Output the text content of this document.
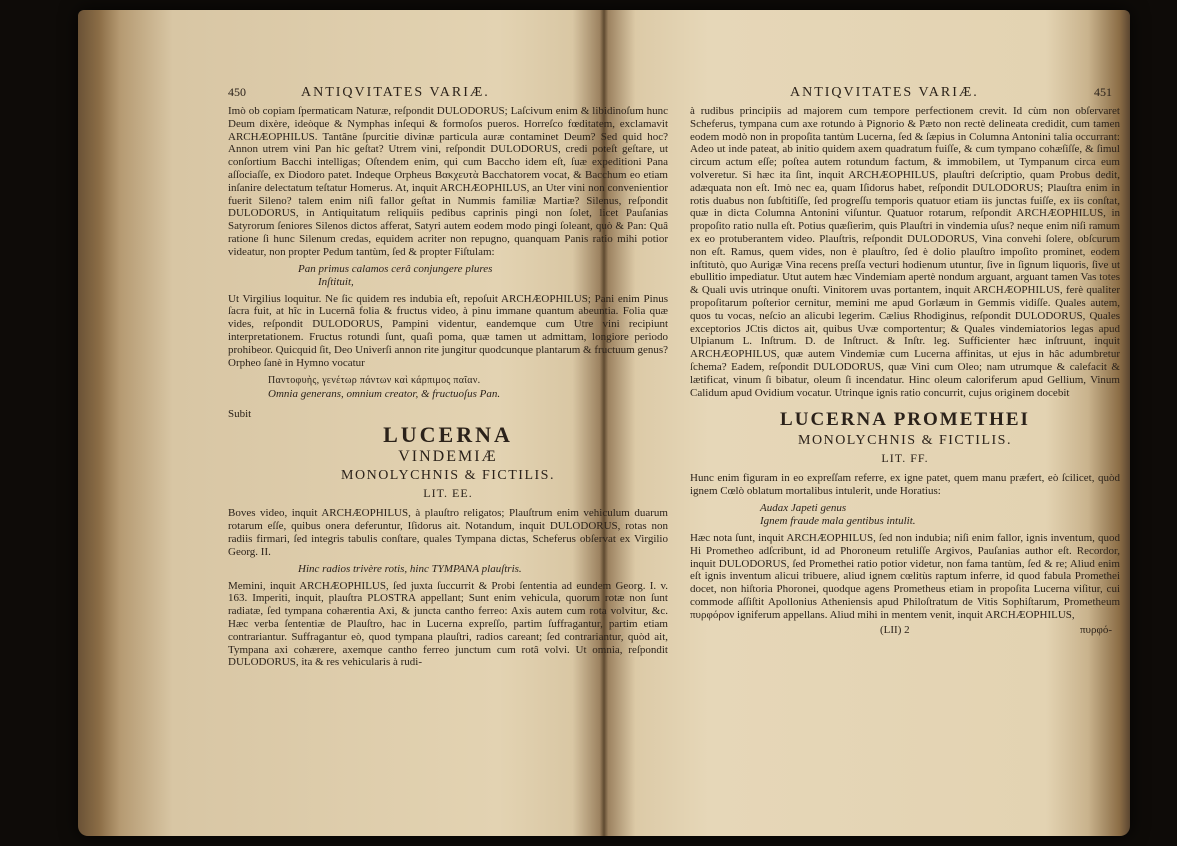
450	ANTIQVITATES VARIÆ.

Imò ob copiam ſpermaticam Naturæ, reſpondit DULODORUS; Laſcivum enim & libidinoſum hunc Deum dixère, ideòque & Nymphas inſequi & formoſos pueros. Horreſco fœditatem, exclamavit ARCHÆOPHILUS. Tantâne ſpurcitie divinæ particula auræ contaminet Deum? Sed quid hoc? Annon utrem vini Pan hic geſtat? Utrem vini, reſpondit DULODORUS, credi poteſt geſtare, ut conſortium Bacchi intelligas; Oſtendem enim, qui cum Baccho idem eſt, ſuæ expeditioni Pana aſſociaſſe, ex Diodoro patet. Indeque Orpheus Βακχευτὰ Bacchatorem vocat, & Bacchum eo etiam inſanire delectatum teſtatur Homerus. At, inquit ARCHÆOPHILUS, an Uter vini non convenientior fuerit Sileno? talem enim niſi fallor geſtat in Nummis familiæ Martiæ? Silenus, reſpondit DULODORUS, in Antiquitatum reliquiis pedibus caprinis pingi non ſolet, licet Pauſanias Satyrorum ſeniores Silenos dictos afferat, Satyri autem eodem modo pingi ſoleant, quò & Pan: Quâ ratione ſi hunc Silenum credas, equidem acriter non repugno, quanquam Panis ratio mihi potior videatur, non propter Pedum tantùm, ſed & propter Fiſtulam:

Pan primus calamos cerâ conjungere plures
Inſtituit,

Ut Virgilius loquitur. Ne ſic quidem res indubia eſt, repoſuit ARCHÆOPHILUS; Pani enim Pinus ſacra fuit, at hîc in Lucernâ folia & fructus video, à pinu immane quantum abeuntia. Folia quæ vides, reſpondit DULODORUS, Pampini videntur, eandemque cum Utre vini recipiunt interpretationem. Fructus rotundi ſunt, quaſi poma, quæ tamen ut admittam, longiore periodo prohibeor. Quicquid ſit, Deo Univerſi annon rite jungitur quodcunque plantarum & fructuum genus? Orpheo ſanè in Hymno vocatur

Παντοφυὴς, γενέτωρ πάντων καὶ κάρπιμος παῖαν.
Omnia generans, omnium creator, & fructuoſus Pan.
Subit
LUCERNA
VINDEMIÆ
MONOLYCHNIS & FICTILIS.
LIT. EE.

Boves video, inquit ARCHÆOPHILUS, à plauſtro religatos; Plauſtrum enim vehiculum duarum rotarum eſſe, quibus onera deferuntur, Iſidorus ait. Notandum, inquit DULODORUS, rotas non radiis firmari, ſed integris tabulis conſtare, quales Tympana dictas, Scheferus obſervat ex Virgilio Georg. II.

Hinc radios trivère rotis, hinc TYMPANA plauſtris.

Memini, inquit ARCHÆOPHILUS, ſed juxta ſuccurrit & Probi ſententia ad eundem Georg. I. v. 163. Imperiti, inquit, plauſtra PLOSTRA appellant; Sunt enim vehicula, quorum rotæ non ſunt radiatæ, ſed tympana cohærentia Axi, & juncta cantho ferreo: Axis autem cum rota volvitur, &c. Hæc verba ſententiæ de Plauſtro, hac in Lucerna expreſſo, partim ſuffragantur, partim etiam contrariantur. Suffragantur eò, quod tympana plauſtri, radios careant; ſed contrariantur, quòd ait, Tympana axi cohærere, axemque cantho ferreo junctum cum rotâ volvi. Ut omnia, reſpondit DULODORUS, ita & res vehicularis à rudi-

ANTIQVITATES VARIÆ.	451

à rudibus principiis ad majorem cum tempore perfectionem crevit. Id cùm non obſervaret Scheferus, tympana cum axe rotundo à Pignorio & Pæto non rectè delineata credidit, cum tamen eodem modò non in propoſita tantùm Lucerna, ſed & ſæpius in Columna Antonini talia occurrant: Adeo ut inde pateat, ab initio quidem axem quadratum fuiſſe, & cum tympano cohæſiſſe, & ſimul circum actum eſſe; poſtea autem rotundum factum, & immobilem, ut Tympanum circa eum volveretur. Si hæc ita ſint, inquit ARCHÆOPHILUS, plauſtri deſcriptio, quam Probus dedit, adæquata non eſt. Imò nec ea, quam Iſidorus habet, reſpondit DULODORUS; Plauſtra enim in rotis duabus non ſubſtitiſſe, ſed progreſſu temporis quatuor etiam iis junctas fuiſſe, ex iis conſtat, quæ in dicta Columna Antonini viſuntur. Quatuor rotarum, reſpondit ARCHÆOPHILUS, in propoſito ratio nulla eſt. Potius quæſierim, quis Plauſtri in vindemia uſus? neque enim niſi ramum ex eo protuberantem video. Plauſtris, reſpondit DULODORUS, Vina convehi ſolere, obſcurum non eſt. Ramus, quem vides, non è plauſtro, ſed è dolio plauſtro impoſito prominet, eodem inſtitutò, quo Aurigæ Vina recens preſſa vecturi hodienum utuntur, ſive in ſignum liquoris, ſive ut ebullitio impediatur. Utut autem hæc Vindemiam apertè nondum arguant, arguant tamen Vas totes & Quali uvis utrinque onuſti. Vinitorem uvas portantem, inquit ARCHÆOPHILUS, ferè qualiter propoſitarum poſterior cernitur, memini me apud Gorlæum in Gemmis vidiſſe. Quales autem, quos tu vocas, neſcio an alicubi legerim. Cælius Rhodiginus, reſpondit DULODORUS, Quales exceptorios JCtis dictos ait, quibus Uvæ comportentur; & Quales vindemiatorios legas apud Ulpianum L. Inſtrum. D. de Inſtruct. & Inſtr. leg. Sufficienter hæc inſtruunt, inquit ARCHÆOPHILUS, quæ autem Vindemiæ cum Lucerna affinitas, ut ejus in hâc adumbretur ſchema? Eadem, reſpondit DULODORUS, quæ Vini cum Oleo; nam utrumque & calefacit & lætificat, vinum ſi bibatur, oleum ſi incendatur. Hinc oleum caloriferum apud Gellium, Vinum Calidum apud Ovidium vocatur. Utrinque ignis ratio concurrit, cujus originem docebit

LUCERNA PROMETHEI
MONOLYCHNIS & FICTILIS.
LIT. FF.

Hunc enim figuram in eo expreſſam referre, ex igne patet, quem manu præfert, eò ſcilicet, quòd ignem Cœlò oblatum mortalibus intulerit, unde Horatius:

Audax Japeti genus
Ignem fraude mala gentibus intulit.

Hæc nota ſunt, inquit ARCHÆOPHILUS, ſed non indubia; niſi enim fallor, ignis inventum, quod Hi Prometheo adſcribunt, id ad Phoroneum retuliſſe Argivos, Pauſanias author eſt. Recordor, inquit DULODORUS, ſed Promethei ratio potior videtur, non fama tantùm, ſed & re; Aliud enim eſt ignis inventum alicui tribuere, aliud ignem cœlitùs raptum inferre, id quod fabula Promethei docet, non hiſtoria Phoronei, quodque agens Prometheus etiam in propoſita Lucerna viſitur, cui commode aſſiſtit Apollonius Atheniensis apud Philoſtratum de Vitis Sophiſtarum, Prometheum πυρφόρον igniferum appellans. Aliud mihi in mentem venit, inquit ARCHÆOPHILUS,

(LII) 2	πυρφό-
